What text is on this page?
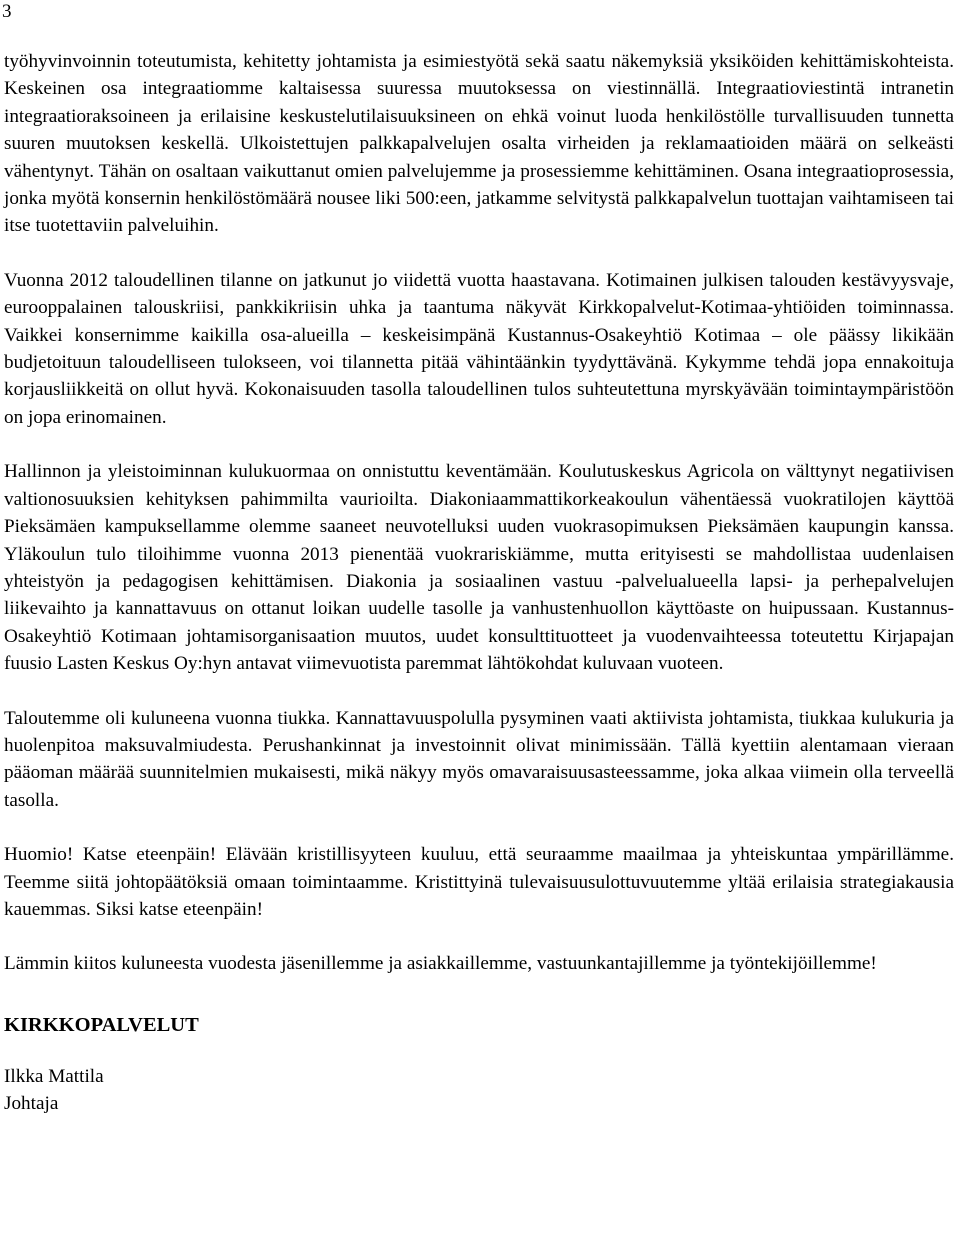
3

työhyvinvoinnin toteutumista, kehitetty johtamista ja esimiestyötä sekä saatu näkemyksiä yksiköiden kehittämiskohteista. Keskeinen osa integraatiomme kaltaisessa suuressa muutoksessa on viestinnällä. Integraatioviestintä intranetin integraatioraksoineen ja erilaisine keskustelutilaisuuksineen on ehkä voinut luoda henkilöstölle turvallisuuden tunnetta suuren muutoksen keskellä. Ulkoistettujen palkkapalvelujen osalta virheiden ja reklamaatioiden määrä on selkeästi vähentynyt. Tähän on osaltaan vaikuttanut omien palvelujemme ja prosessiemme kehittäminen. Osana integraatioprosessia, jonka myötä konsernin henkilöstömäärä nousee liki 500:een, jatkamme selvitystä palkkapalvelun tuottajan vaihtamiseen tai itse tuotettaviin palveluihin.

Vuonna 2012 taloudellinen tilanne on jatkunut jo viidettä vuotta haastavana. Kotimainen julkisen talouden kestävyysvaje, eurooppalainen talouskriisi, pankkikriisin uhka ja taantuma näkyvät Kirkkopalvelut-Kotimaa-yhtiöiden toiminnassa. Vaikkei konsernimme kaikilla osa-alueilla – keskeisimpänä Kustannus-Osakeyhtiö Kotimaa – ole päässy likikään budjetoituun taloudelliseen tulokseen, voi tilannetta pitää vähintäänkin tyydyttävänä. Kykymme tehdä jopa ennakoituja korjausliikkeitä on ollut hyvä. Kokonaisuuden tasolla taloudellinen tulos suhteutettuna myrskyävään toimintaympäristöön on jopa erinomainen.

Hallinnon ja yleistoiminnan kulukuormaa on onnistuttu keventämään. Koulutuskeskus Agricola on välttynyt negatiivisen valtionosuuksien kehityksen pahimmilta vaurioilta. Diakoniaammattikorkeakoulun vähentäessä vuokratilojen käyttöä Pieksämäen kampuksellamme olemme saaneet neuvotelluksi uuden vuokrasopimuksen Pieksämäen kaupungin kanssa. Yläkoulun tulo tiloihimme vuonna 2013 pienentää vuokrariskiämme, mutta erityisesti se mahdollistaa uudenlaisen yhteistyön ja pedagogisen kehittämisen. Diakonia ja sosiaalinen vastuu -palvelualueella lapsi- ja perhepalvelujen liikevaihto ja kannattavuus on ottanut loikan uudelle tasolle ja vanhustenhuollon käyttöaste on huipussaan. Kustannus-Osakeyhtiö Kotimaan johtamisorganisaation muutos, uudet konsulttituotteet ja vuodenvaihteessa toteutettu Kirjapajan fuusio Lasten Keskus Oy:hyn antavat viimevuotista paremmat lähtökohdat kuluvaan vuoteen.

Taloutemme oli kuluneena vuonna tiukka. Kannattavuuspolulla pysyminen vaati aktiivista johtamista, tiukkaa kulukuria ja huolenpitoa maksuvalmiudesta. Perushankinnat ja investoinnit olivat minimissään. Tällä kyettiin alentamaan vieraan pääoman määrää suunnitelmien mukaisesti, mikä näkyy myös omavaraisuusasteessamme, joka alkaa viimein olla terveellä tasolla.

Huomio! Katse eteenpäin! Elävään kristillisyyteen kuuluu, että seuraamme maailmaa ja yhteiskuntaa ympärillämme. Teemme siitä johtopäätöksiä omaan toimintaamme. Kristittyinä tulevaisuusulottuvuutemme yltää erilaisia strategiakausia kauemmas. Siksi katse eteenpäin!

Lämmin kiitos kuluneesta vuodesta jäsenillemme ja asiakkaillemme, vastuunkantajillemme ja työntekijöillemme!

KIRKKOPALVELUT
Ilkka Mattila
Johtaja
